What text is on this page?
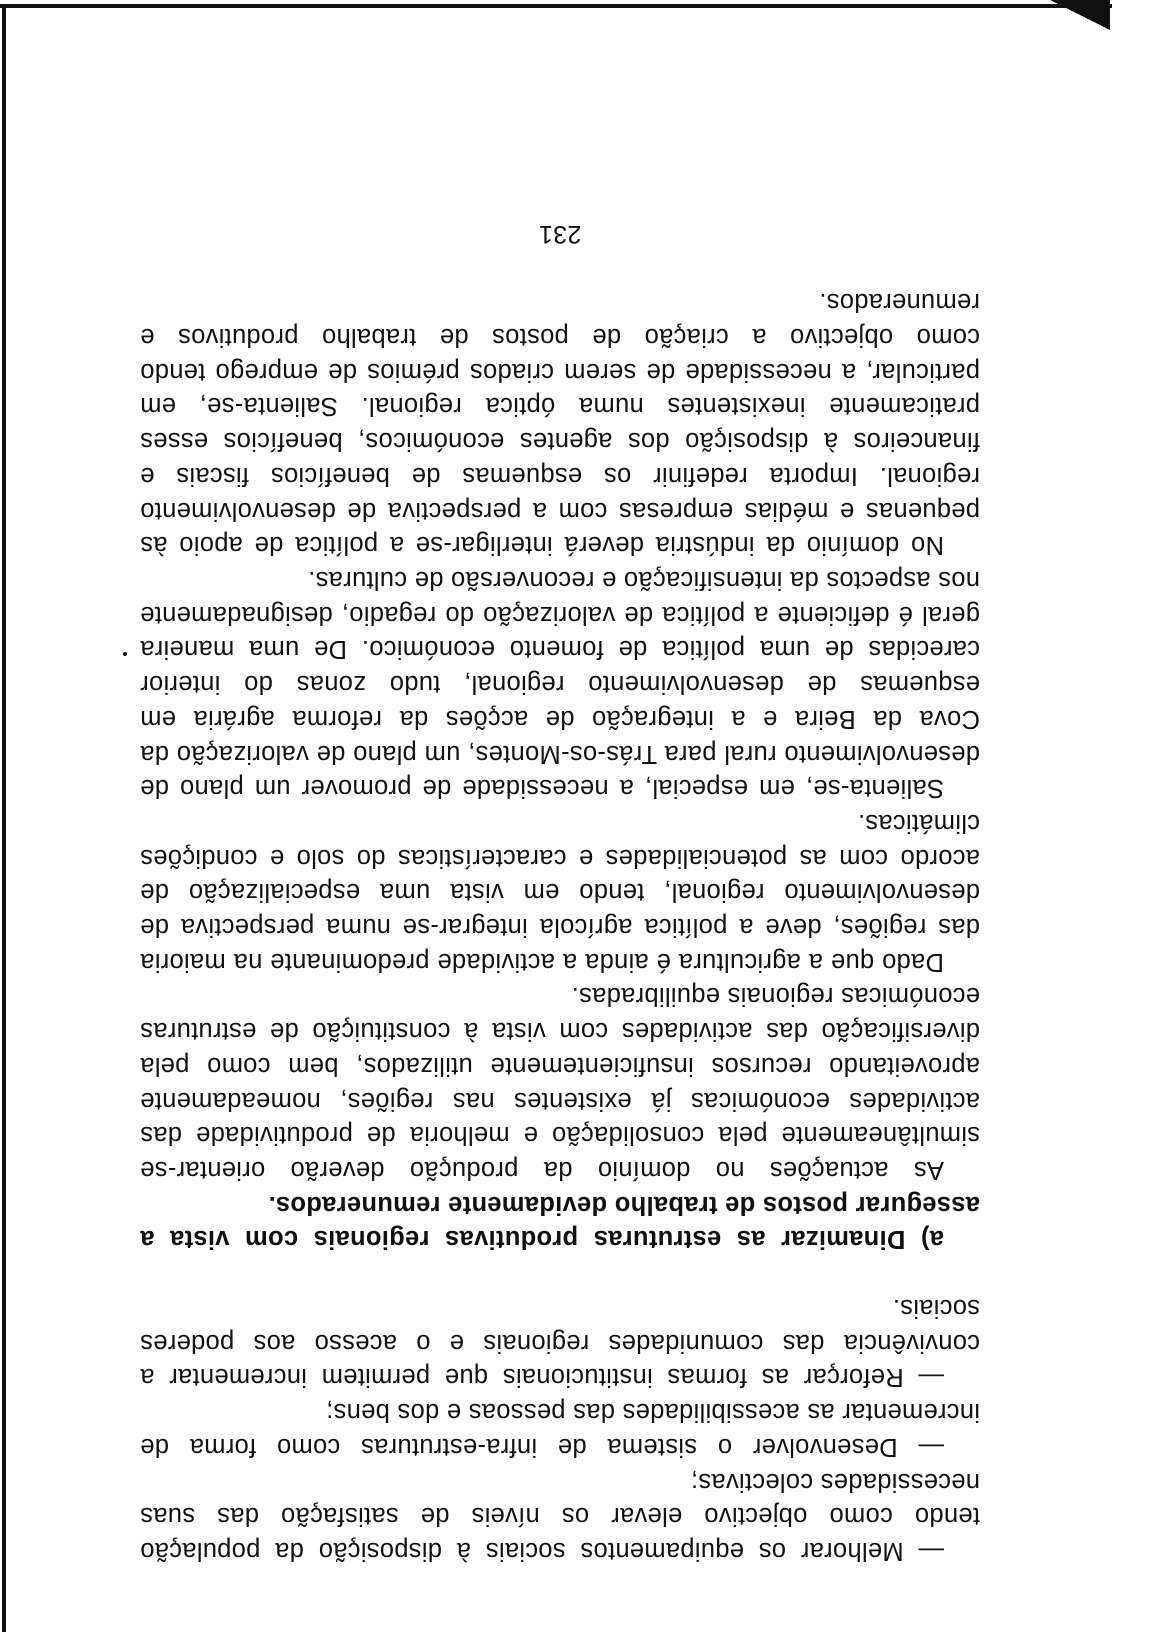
— Melhorar os equipamentos sociais à disposição da população tendo como objectivo elevar os níveis de satisfação das suas necessidades colectivas;

— Desenvolver o sistema de infra-estruturas como forma de incrementar as acessibilidades das pessoas e dos bens;

— Reforçar as formas institucionais que permitem incrementar a convivência das comunidades regionais e o acesso aos poderes sociais.

a) Dinamizar as estruturas produtivas regionais com vista a assegurar postos de trabalho devidamente remunerados.

As actuações no domínio da produção deverão orientar-se simultâneamente pela consolidação e melhoria de produtividade das actividades económicas já existentes nas regiões, nomeadamente aproveitando recursos insuficientemente utilizados, bem como pela diversificação das actividades com vista à constituição de estruturas económicas regionais equilibradas.

Dado que a agricultura é ainda a actividade predominante na maioria das regiões, deve a política agrícola integrar-se numa perspectiva de desenvolvimento regional, tendo em vista uma especialização de acordo com as potencialidades e características do solo e condições climáticas.

Salienta-se, em especial, a necessidade de promover um plano de desenvolvimento rural para Trás-os-Montes, um plano de valorização da Cova da Beira e a integração de acções da reforma agrária em esquemas de desenvolvimento regional, tudo zonas do interior carecidas de uma política de fomento económico. De uma maneira geral é deficiente a política de valorização do regadio, designadamente nos aspectos da intensificação e reconversão de culturas.

No domínio da indústria deverá interligar-se a política de apoio às pequenas e médias empresas com a perspectiva de desenvolvimento regional. Importa redefinir os esquemas de benefícios fiscais e financeiros à disposição dos agentes económicos, benefícios esses praticamente inexistentes numa óptica regional. Salienta-se, em particular, a necessidade de serem criados prémios de emprego tendo como objectivo a criação de postos de trabalho produtivos e remunerados.

231
